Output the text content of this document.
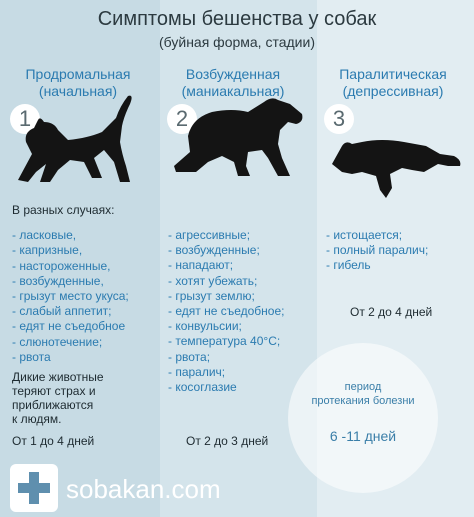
Симптомы бешенства у собак
(буйная форма, стадии)
Продромальная
(начальная)
1
Возбужденная
(маниакальная)
2
Паралитическая
(депрессивная)
3
В разных случаях:
- ласковые,
- капризные,
- настороженные,
- возбужденные,
- грызут место укуса;
- слабый аппетит;
- едят не съедобное
- слюнотечение;
- рвота
Дикие животные
теряют страх и
приближаются
к людям.
От 1 до 4 дней
- агрессивные;
- возбужденные;
- нападают;
- хотят убежать;
- грызут землю;
- едят не съедобное;
- конвульсии;
- температура 40°С;
- рвота;
- паралич;
- косоглазие
От 2 до 3 дней
- истощается;
- полный паралич;
- гибель
От 2 до 4 дней
период
протекания болезни
6 -11 дней
sobakan.com
